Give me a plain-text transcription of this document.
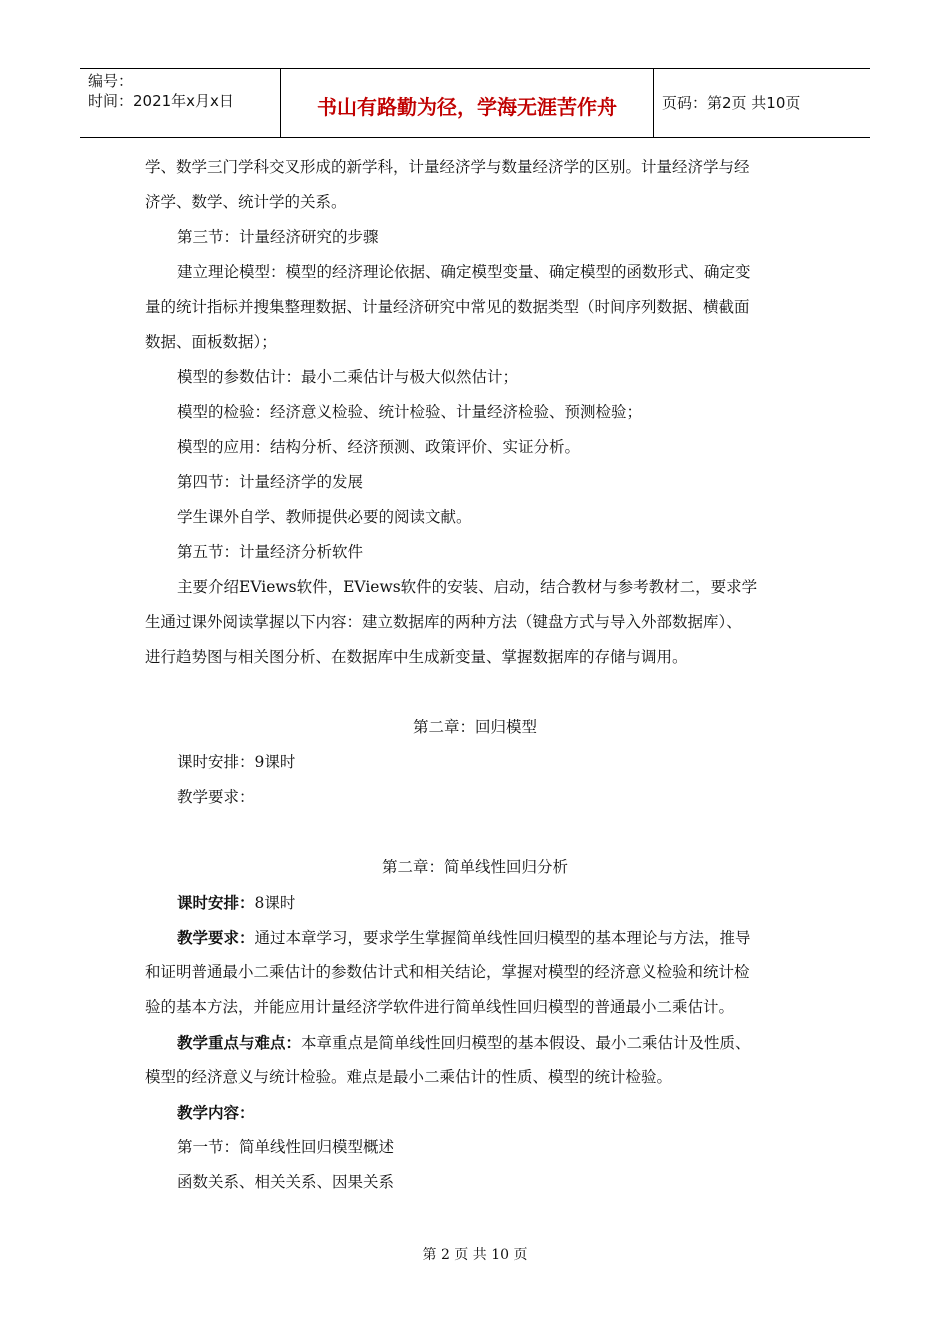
编号：
时间：2021年x月x日	书山有路勤为径，学海无涯苦作舟	页码：第2页 共10页
学、数学三门学科交叉形成的新学科，计量经济学与数量经济学的区别。计量经济学与经
济学、数学、统计学的关系。
第三节：计量经济研究的步骤
建立理论模型：模型的经济理论依据、确定模型变量、确定模型的函数形式、确定变
量的统计指标并搜集整理数据、计量经济研究中常见的数据类型（时间序列数据、横截面
数据、面板数据）；
模型的参数估计：最小二乘估计与极大似然估计；
模型的检验：经济意义检验、统计检验、计量经济检验、预测检验；
模型的应用：结构分析、经济预测、政策评价、实证分析。
第四节：计量经济学的发展
学生课外自学、教师提供必要的阅读文献。
第五节：计量经济分析软件
主要介绍EViews软件，EViews软件的安装、启动，结合教材与参考教材二，要求学
生通过课外阅读掌握以下内容：建立数据库的两种方法（键盘方式与导入外部数据库）、
进行趋势图与相关图分析、在数据库中生成新变量、掌握数据库的存储与调用。
第二章：回归模型
课时安排：9课时
教学要求：
第二章：简单线性回归分析
课时安排：8课时
教学要求：通过本章学习，要求学生掌握简单线性回归模型的基本理论与方法，推导
和证明普通最小二乘估计的参数估计式和相关结论，掌握对模型的经济意义检验和统计检
验的基本方法，并能应用计量经济学软件进行简单线性回归模型的普通最小二乘估计。
教学重点与难点：本章重点是简单线性回归模型的基本假设、最小二乘估计及性质、
模型的经济意义与统计检验。难点是最小二乘估计的性质、模型的统计检验。
教学内容：
第一节：简单线性回归模型概述
函数关系、相关关系、因果关系
第 2 页 共 10 页
